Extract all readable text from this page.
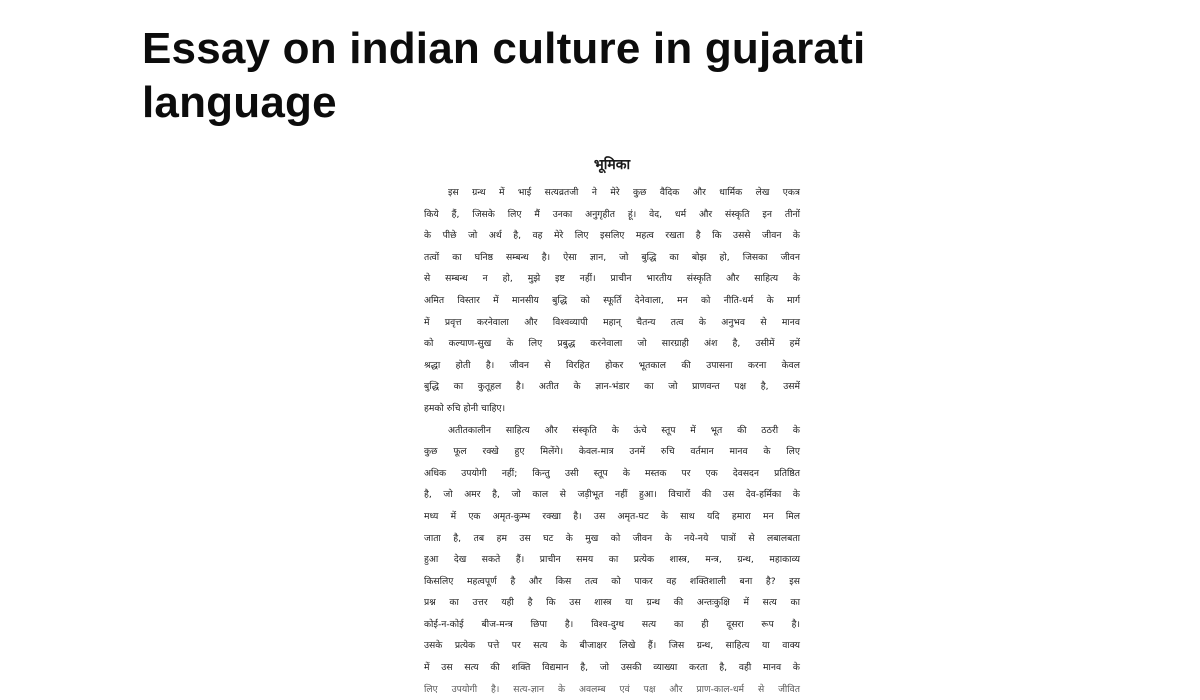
Essay on indian culture in gujarati language
भूमिका
इस ग्रन्थ में भाई सत्यव्रतजी ने मेरे कुछ वैदिक और धार्मिक लेख एकत्र
किये हैं, जिसके लिए मैं उनका अनुगृहीत हूं। वेद, धर्म और संस्कृति इन तीनों
के पीछे जो अर्थ है, वह मेरे लिए इसलिए महत्व रखता है कि उससे जीवन के
तत्वों का घनिष्ठ सम्बन्ध है। ऐसा ज्ञान, जो बुद्धि का बोझ हो, जिसका जीवन
से सम्बन्ध न हो, मुझे इष्ट नहीं। प्राचीन भारतीय संस्कृति और साहित्य के
अमित विस्तार में मानसीय बुद्धि को स्फूर्ति देनेवाला, मन को नीति-धर्म के मार्ग
में प्रवृत्त करनेवाला और विश्वव्यापी महान् चैतन्य तत्व के अनुभव से मानव
को कल्याण-सुख के लिए प्रबुद्ध करनेवाला जो सारग्राही अंश है, उसीमें हमें
श्रद्धा होती है। जीवन से विरहित होकर भूतकाल की उपासना करना केवल
बुद्धि का कुतूहल है। अतीत के ज्ञान-भंडार का जो प्राणवन्त पक्ष है, उसमें
हमको रुचि होनी चाहिए।
अतीतकालीन साहित्य और संस्कृति के ऊंचे स्तूप में भूत की ठठरी के
कुछ फूल रक्खे हुए मिलेंगे। केवल-मात्र उनमें रुचि वर्तमान मानव के लिए
अधिक उपयोगी नहीं; किन्तु उसी स्तूप के मस्तक पर एक देवसदन प्रतिष्ठित
है, जो अमर है, जो काल से जड़ीभूत नहीं हुआ। विचारों की उस देव-हर्मिका के
मध्य में एक अमृत-कुम्भ रक्खा है। उस अमृत-घट के साथ यदि हमारा मन मिल
जाता है, तब हम उस घट के मुख को जीवन के नये-नये पात्रों से लबालबता
हुआ देख सकते हैं। प्राचीन समय का प्रत्येक शास्त्र, मन्त्र, ग्रन्थ, महाकाव्य
किसलिए महत्वपूर्ण है और किस तत्व को पाकर वह शक्तिशाली बना है? इस
प्रश्न का उत्तर यही है कि उस शास्त्र या ग्रन्थ की अन्तःकुक्षि में सत्य का
कोई-न-कोई बीज-मन्त्र छिपा है। विश्व-दुग्ध सत्य का ही दूसरा रूप है।
उसके प्रत्येक पत्ते पर सत्य के बीजाक्षर लिखे हैं। जिस ग्रन्थ, साहित्य या वाक्य
में उस सत्य की शक्ति विद्यमान है, जो उसकी व्याख्या करता है, वही मानव के
लिए उपयोगी है। सत्य-ज्ञान के अवलम्ब एवं पक्ष और प्राण-काल-धर्म से जीवित
